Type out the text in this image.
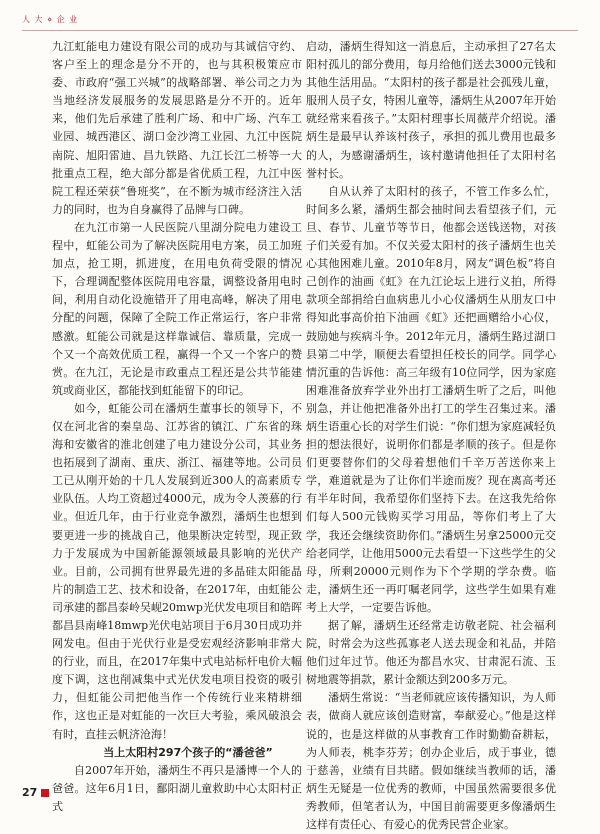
人 大 ⋄ 企 业

九江虹能电力建设有限公司的成功与其诚信守约、客户至上的理念是分不开的，也与其积极策应市委、市政府“强工兴城”的战略部署、举公司之力为当地经济发展服务的发展思路是分不开的。近年来，他们先后承建了胜利广场、和中广场、汽车工业园、城西港区、湖口金沙湾工业园、九江中医院南院、旭阳雷迪、昌九铁路、九江长江二桥等一大批重点工程，绝大部分都是省优质工程，九江中医院工程还荣获“鲁班奖”，在不断为城市经济注入活力的同时，也为自身赢得了品牌与口碑。

在九江市第一人民医院八里湖分院电力建设工程中，虹能公司为了解决医院用电方案，员工加班加点，抢工期，抓进度，在用电负荷受限的情况下，合理调配整体医院用电容量，调整设备用电时间，利用自动化设施错开了用电高峰，解决了用电分配的问题，保障了全院工作正常运行，客户非常感激。虹能公司就是这样靠诚信、靠质量，完成一个又一个高效优质工程，赢得一个又一个客户的赞赏。在九江，无论是市政重点工程还是公共节能建筑或商业区，都能找到虹能留下的印记。

如今，虹能公司在潘炳生董事长的领导下，不仅在河北省的秦皇岛、江苏省的镇江、广东省的珠海和安徽省的淮北创建了电力建设分公司，其业务也拓展到了湖南、重庆、浙江、福建等地。公司员工已从刚开始的十几人发展到近300人的高素质专业队伍。人均工资超过4000元，成为令人羡慕的行业。但近几年，由于行业竞争激烈，潘炳生也想到要更进一步的挑战自己，他果断决定转型，现正致力于发展成为中国新能源领域最具影响的光伏产业。目前，公司拥有世界最先进的多晶硅太阳能晶片的制造工艺、技术和设备，在2017年，由虹能公司承建的都昌泰岭吴岘20mwp光伏发电项目和皓晖都昌县南峰18mwp光伏电站项目于6月30日成功并网发电。但由于光伏行业是受宏观经济影响非常大的行业，而且，在2017年集中式电站标杆电价大幅度下调，这也削减集中式光伏发电项目投资的吸引力，但虹能公司把他当作一个传统行业来精耕细作，这也正是对虹能的一次巨大考验，乘风破浪会有时，直挂云帆济沧海！

当上太阳村297个孩子的“潘爸爸”

自2007年开始，潘炳生不再只是潘博一个人的爸爸。这年6月1日，鄱阳湖儿童救助中心太阳村正式

启动，潘炳生得知这一消息后，主动承担了27名太阳村孤儿的部分费用，每月给他们送去3000元钱和其他生活用品。“太阳村的孩子都是社会孤残儿童，服刑人员子女，特困儿童等，潘炳生从2007年开始就经常来看孩子。”太阳村理事长周薇芹介绍说。潘炳生是最早认养该村孩子，承担的孤儿费用也最多的人，为感谢潘炳生，该村邀请他担任了太阳村名誉村长。

自从认养了太阳村的孩子，不管工作多么忙，时间多么紧，潘炳生都会抽时间去看望孩子们，元旦、春节、儿童节等节日，他都会送钱送物，对孩子们关爱有加。不仅关爱太阳村的孩子潘炳生也关心其他困难儿童。2010年8月，网友“调色板”将自己创作的油画《虹》在九江论坛上进行义拍，所得款项全部捐给白血病患儿小心仪潘炳生从朋友口中得知此事高价拍下油画《虹》还把画赠给小心仪，鼓励她与疾病斗争。2012年元月，潘炳生路过湖口县第二中学，顺便去看望担任校长的同学。同学心情沉重的告诉他：高三年级有10位同学，因为家庭困难准备放弃学业外出打工潘炳生听了之后，叫他别急，并让他把准备外出打工的学生召集过来。潘炳生语重心长的对学生们说：“你们想为家庭减轻负担的想法很好，说明你们都是孝顺的孩子。但是你们更要替你们的父母着想他们千辛万苦送你来上学，难道就是为了让你们半途而废？现在离高考还有半年时间，我希望你们坚持下去。在这我先给你们每人500元钱购买学习用品，等你们考上了大学，我还会继续资助你们。”潘炳生另拿25000元交给老同学，让他用5000元去看望一下这些学生的父母，所剩20000元则作为下个学期的学杂费。临走，潘炳生还一再叮嘱老同学，这些学生如果有难考上大学，一定要告诉他。

据了解，潘炳生还经常走访敬老院、社会福利院，时常会为这些孤寡老人送去现金和礼品，并陪他们过年过节。他还为都昌水灾、甘肃泥石流、玉树地震等捐款，累计金额达到200多万元。

潘炳生常说：“当老师就应该传播知识，为人师表，做商人就应该创造财富，奉献爱心。”他是这样说的，也是这样做的从事教育工作时勤勤奋耕耘，为人师表，桃李芬芳；创办企业后，成于事业，德于慈善，业绩有目共睹。假如继续当教师的话，潘炳生无疑是一位优秀的教师，中国虽然需要很多优秀教师，但笔者认为，中国目前需要更多像潘炳生这样有责任心、有爱心的优秀民营企业家。

27
